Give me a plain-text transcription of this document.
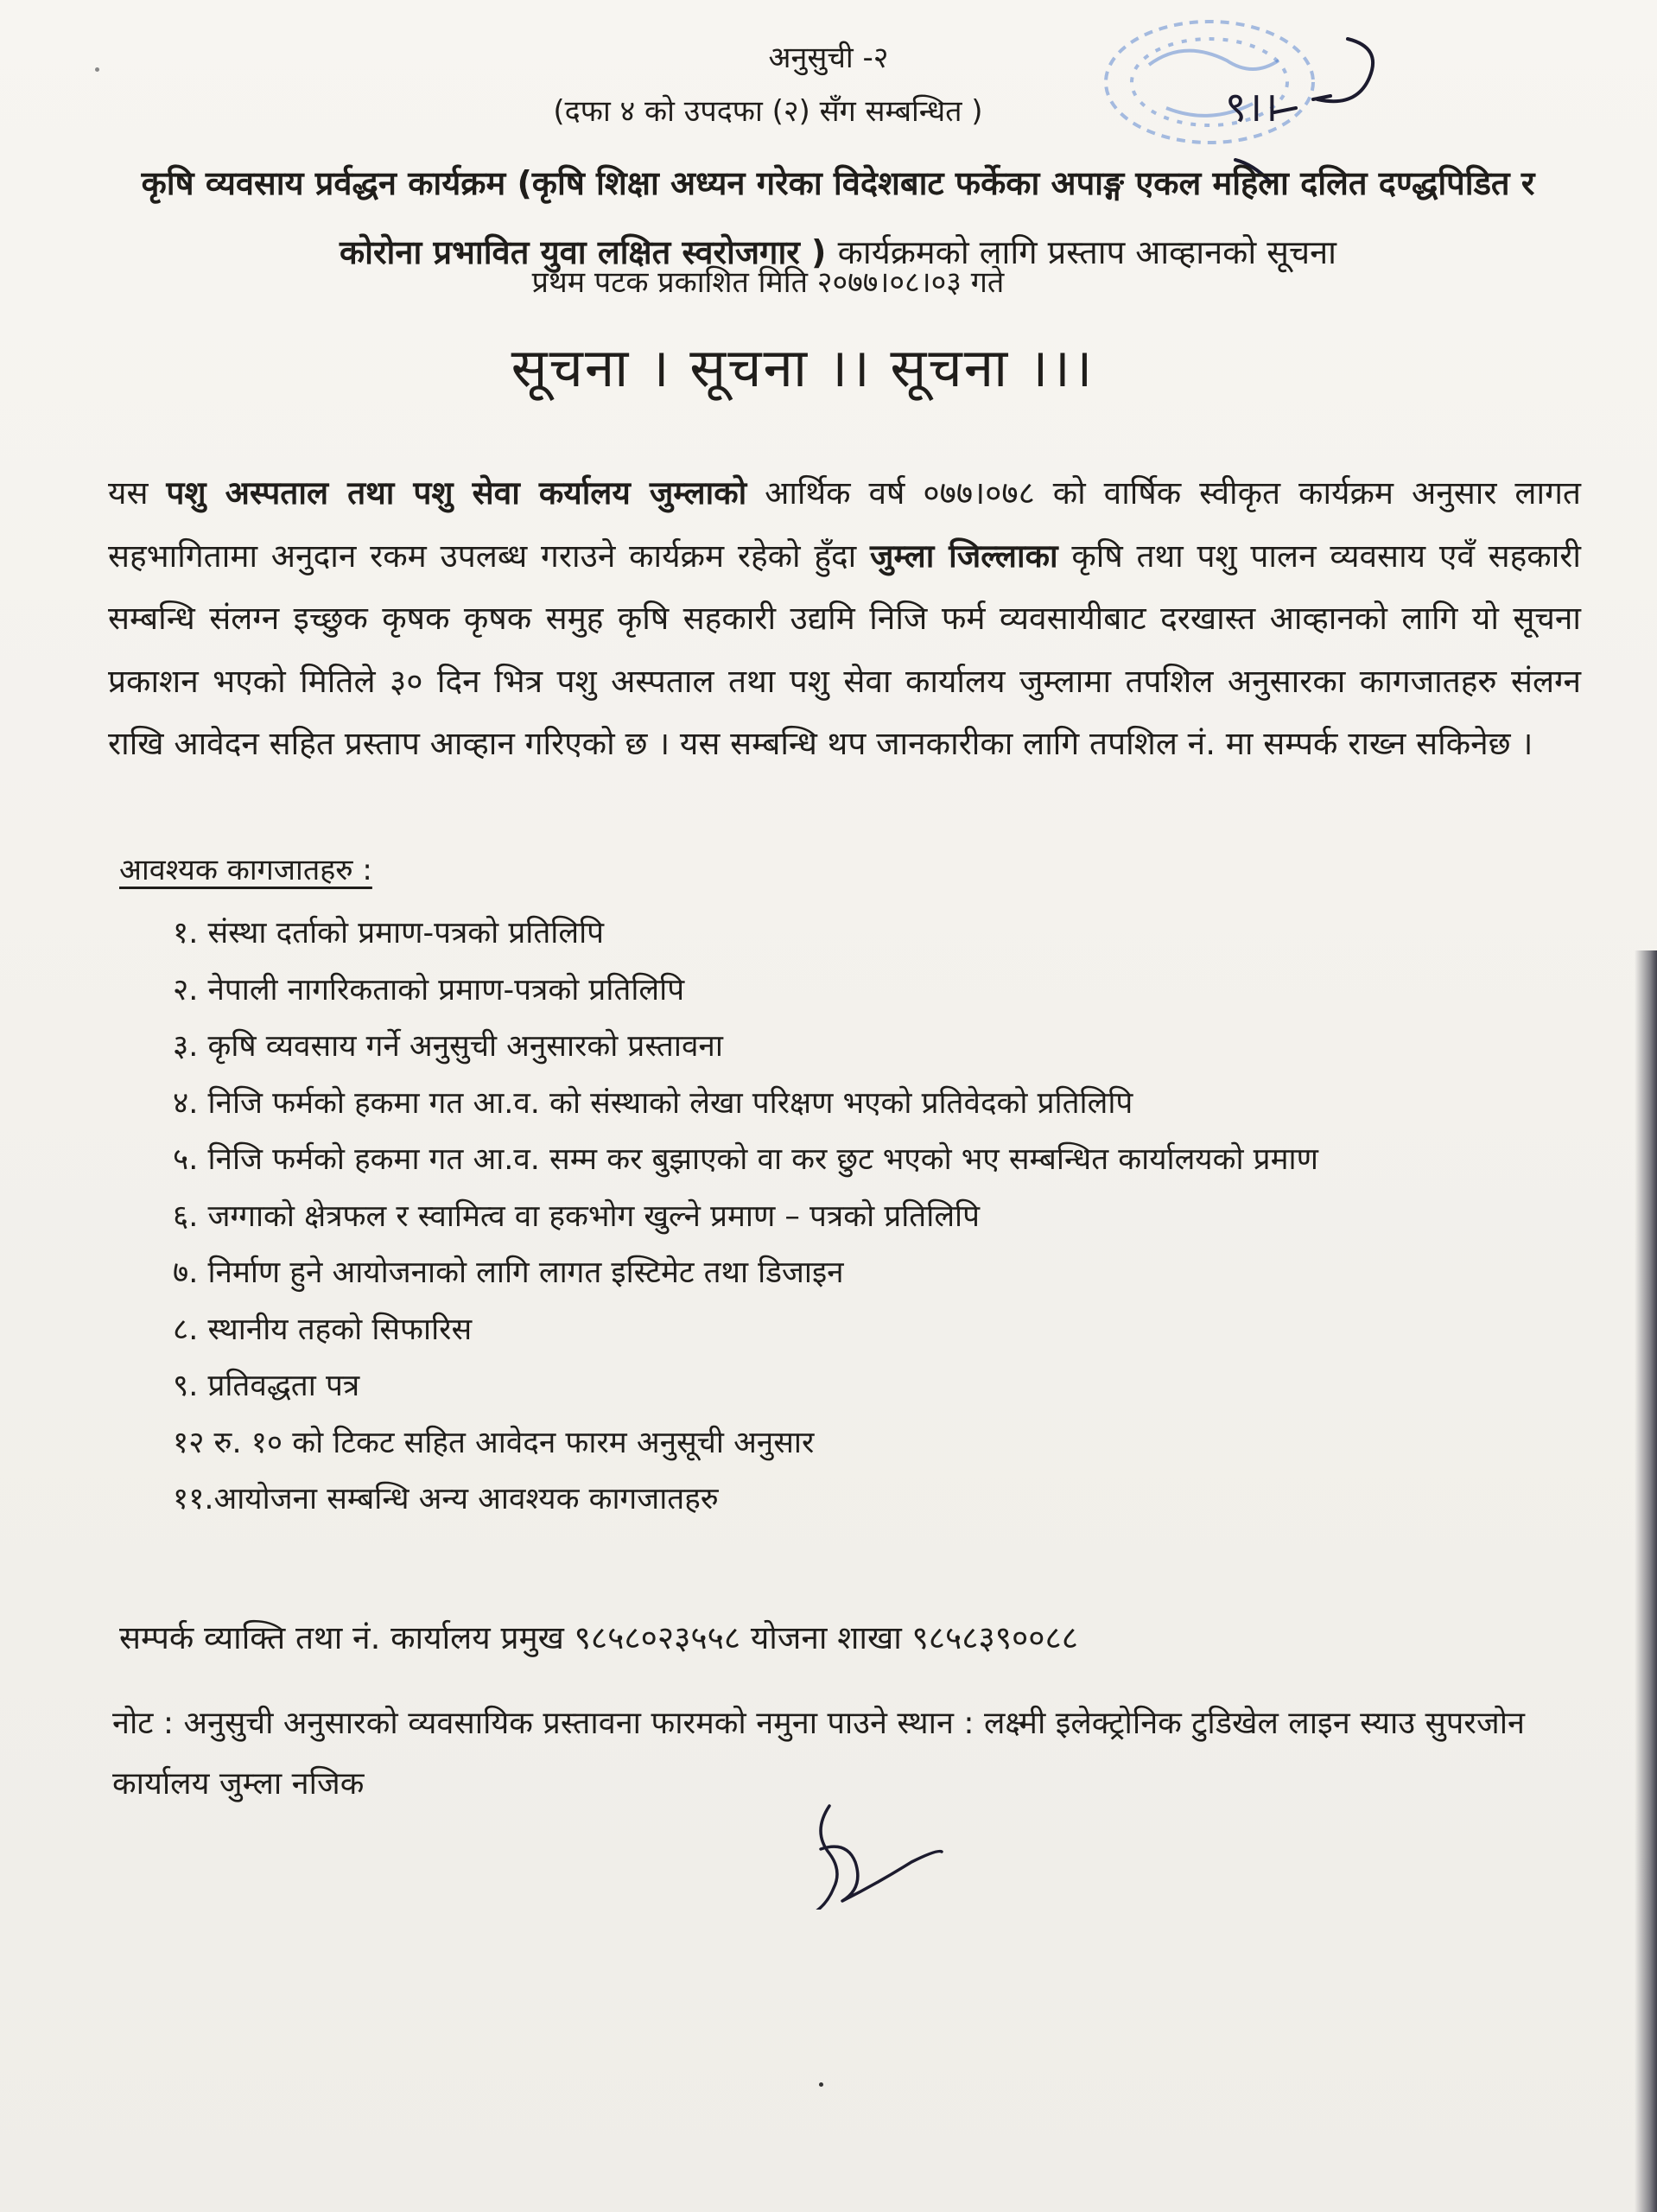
९।।
अनुसुची -२
(दफा ४ को उपदफा (२) सँग सम्बन्धित )
कृषि व्यवसाय प्रर्वद्धन कार्यक्रम (कृषि शिक्षा अध्यन गरेका विदेशबाट फर्केका अपाङ्ग एकल महिला दलित दण्द्धपिडित र कोरोना प्रभावित युवा लक्षित स्वरोजगार ) कार्यक्रमको लागि प्रस्ताप आव्हानको सूचना
प्रथम पटक प्रकाशित मिति २०७७।०८।०३ गते
सूचना । सूचना ।। सूचना ।।।
यस पशु अस्पताल तथा पशु सेवा कर्यालय जुम्लाको आर्थिक वर्ष ०७७।०७८ को वार्षिक स्वीकृत कार्यक्रम अनुसार लागत सहभागितामा अनुदान रकम उपलब्ध गराउने कार्यक्रम रहेको हुँदा जुम्ला जिल्लाका कृषि तथा पशु पालन व्यवसाय एवँ सहकारी सम्बन्धि संलग्न इच्छुक कृषक कृषक समुह कृषि सहकारी उद्यमि निजि फर्म व्यवसायीबाट दरखास्त आव्हानको लागि यो सूचना प्रकाशन भएको मितिले ३० दिन भित्र पशु अस्पताल तथा पशु सेवा कार्यालय जुम्लामा तपशिल अनुसारका कागजातहरु संलग्न राखि आवेदन सहित प्रस्ताप आव्हान गरिएको छ । यस सम्बन्धि थप जानकारीका लागि तपशिल नं. मा सम्पर्क राख्न सकिनेछ ।
आवश्यक कागजातहरु :
१. संस्था दर्ताको प्रमाण-पत्रको प्रतिलिपि
२. नेपाली नागरिकताको प्रमाण-पत्रको प्रतिलिपि
३. कृषि व्यवसाय गर्ने अनुसुची अनुसारको प्रस्तावना
४. निजि फर्मको हकमा गत आ.व. को संस्थाको लेखा परिक्षण भएको प्रतिवेदको प्रतिलिपि
५. निजि फर्मको हकमा गत आ.व. सम्म कर बुझाएको वा कर छुट भएको भए सम्बन्धित कार्यालयको प्रमाण
६. जग्गाको क्षेत्रफल र स्वामित्व वा हकभोग खुल्ने प्रमाण – पत्रको प्रतिलिपि
७. निर्माण हुने आयोजनाको लागि लागत इस्टिमेट तथा डिजाइन
८. स्थानीय तहको सिफारिस
९. प्रतिवद्धता पत्र
१२ रु. १० को टिकट सहित आवेदन फारम अनुसूची अनुसार
११.आयोजना सम्बन्धि अन्य आवश्यक कागजातहरु
सम्पर्क व्याक्ति तथा नं. कार्यालय प्रमुख ९८५८०२३५५८ योजना शाखा ९८५८३९००८८
नोट : अनुसुची अनुसारको व्यवसायिक प्रस्तावना फारमको नमुना पाउने स्थान : लक्ष्मी इलेक्ट्रोनिक टुडिखेल लाइन स्याउ सुपरजोन कार्यालय जुम्ला नजिक
